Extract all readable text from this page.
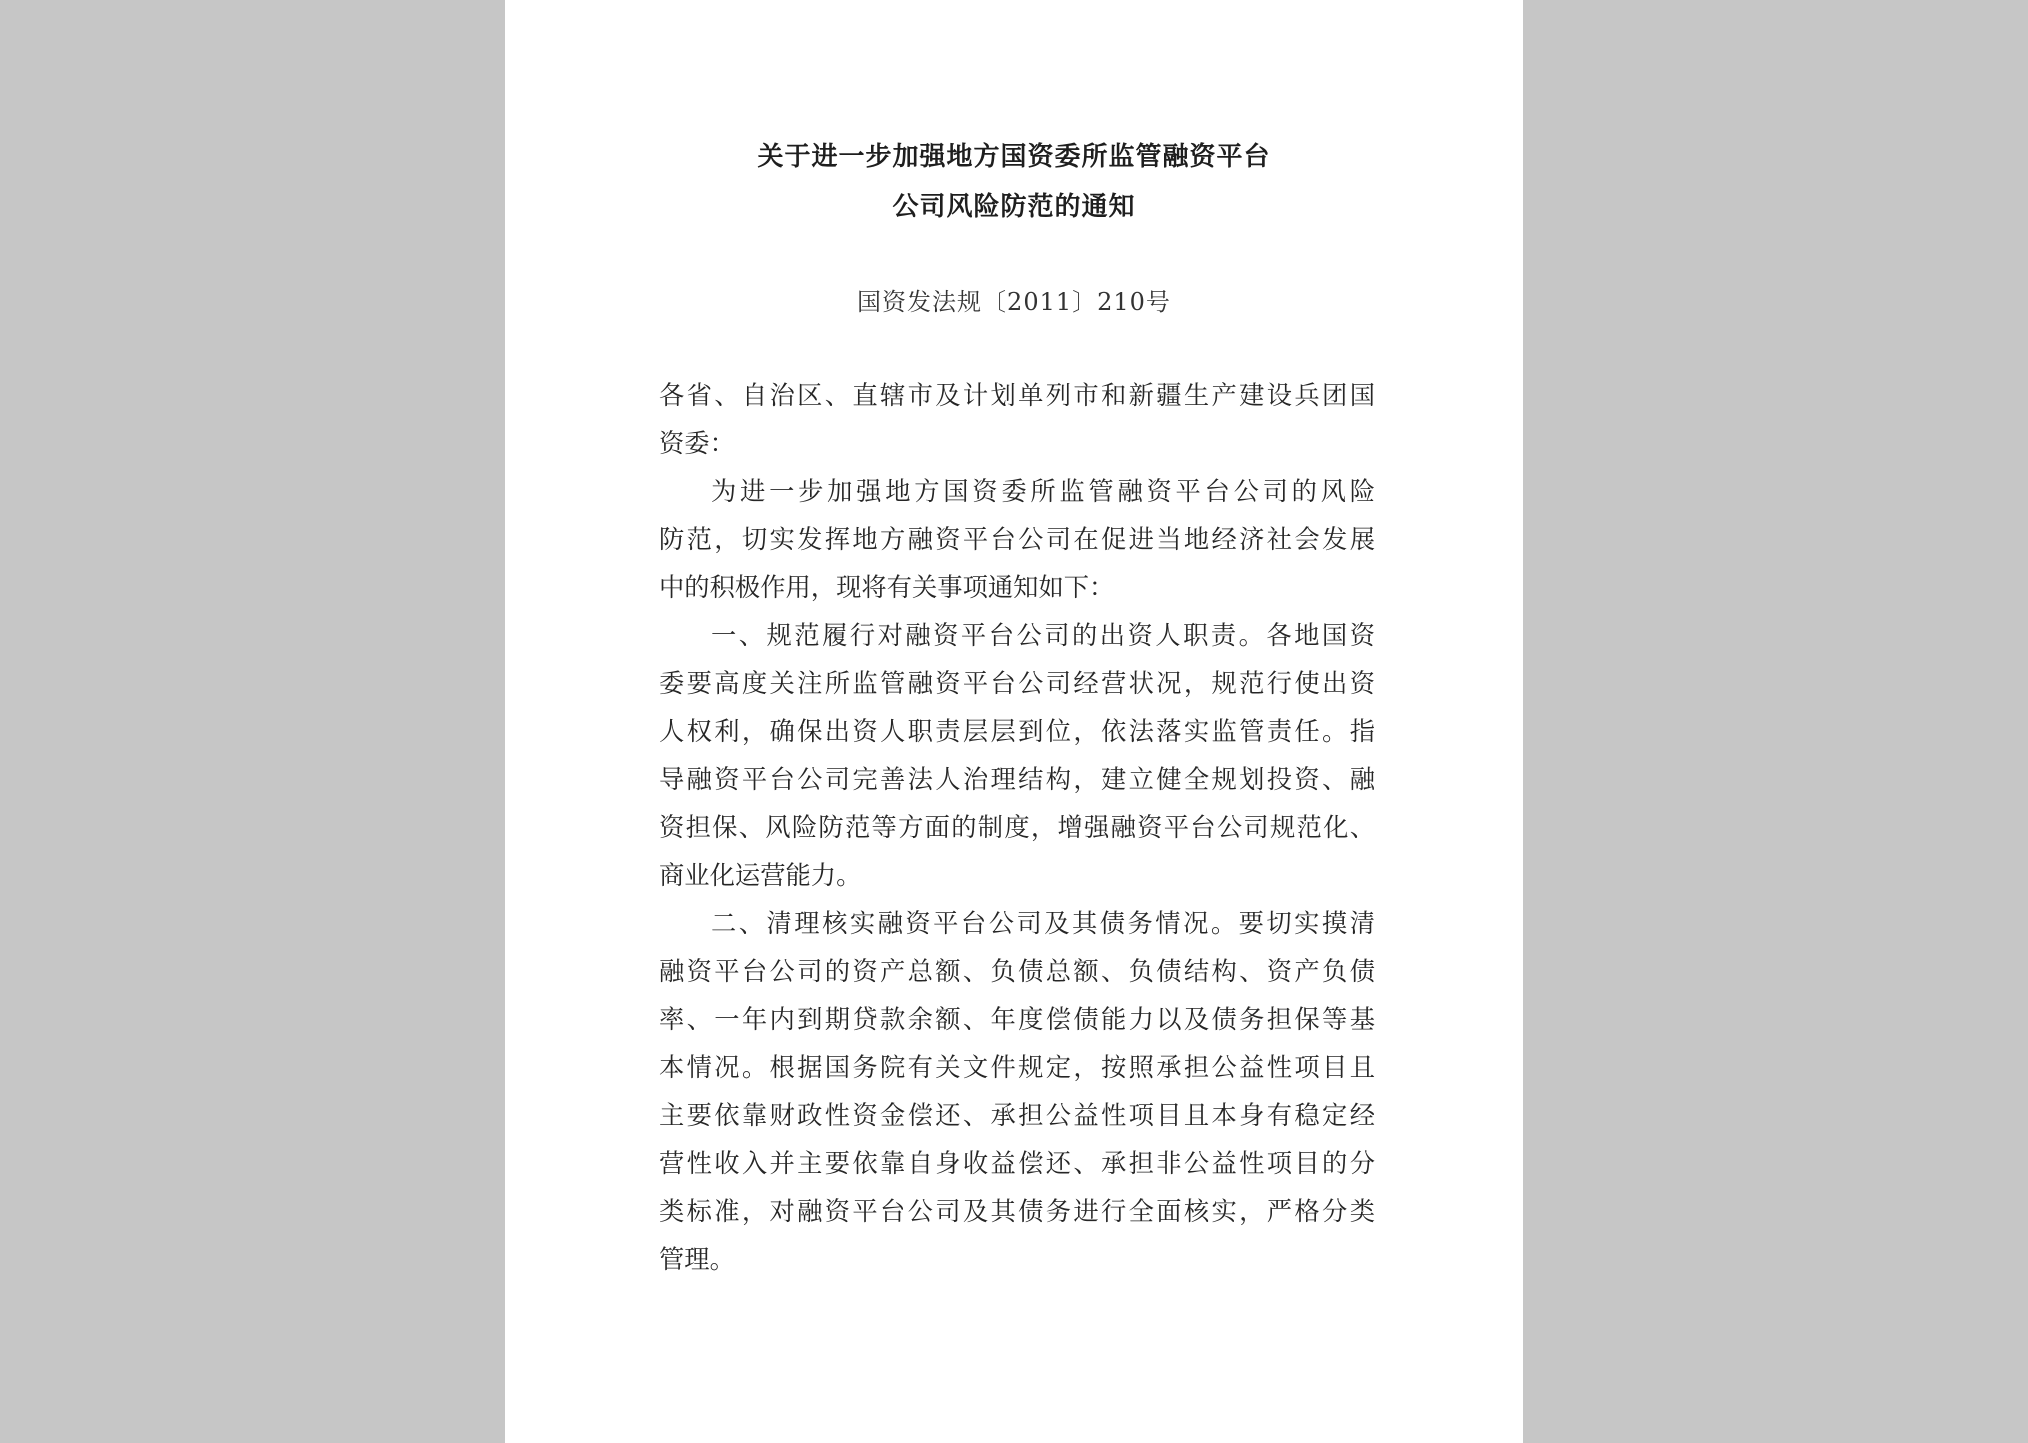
关于进一步加强地方国资委所监管融资平台
公司风险防范的通知
国资发法规〔2011〕210号
各省、自治区、直辖市及计划单列市和新疆生产建设兵团国
资委：
为进一步加强地方国资委所监管融资平台公司的风险
防范，切实发挥地方融资平台公司在促进当地经济社会发展
中的积极作用，现将有关事项通知如下：
一、规范履行对融资平台公司的出资人职责。各地国资
委要高度关注所监管融资平台公司经营状况，规范行使出资
人权利，确保出资人职责层层到位，依法落实监管责任。指
导融资平台公司完善法人治理结构，建立健全规划投资、融
资担保、风险防范等方面的制度，增强融资平台公司规范化、
商业化运营能力。
二、清理核实融资平台公司及其债务情况。要切实摸清
融资平台公司的资产总额、负债总额、负债结构、资产负债
率、一年内到期贷款余额、年度偿债能力以及债务担保等基
本情况。根据国务院有关文件规定，按照承担公益性项目且
主要依靠财政性资金偿还、承担公益性项目且本身有稳定经
营性收入并主要依靠自身收益偿还、承担非公益性项目的分
类标准，对融资平台公司及其债务进行全面核实，严格分类
管理。
